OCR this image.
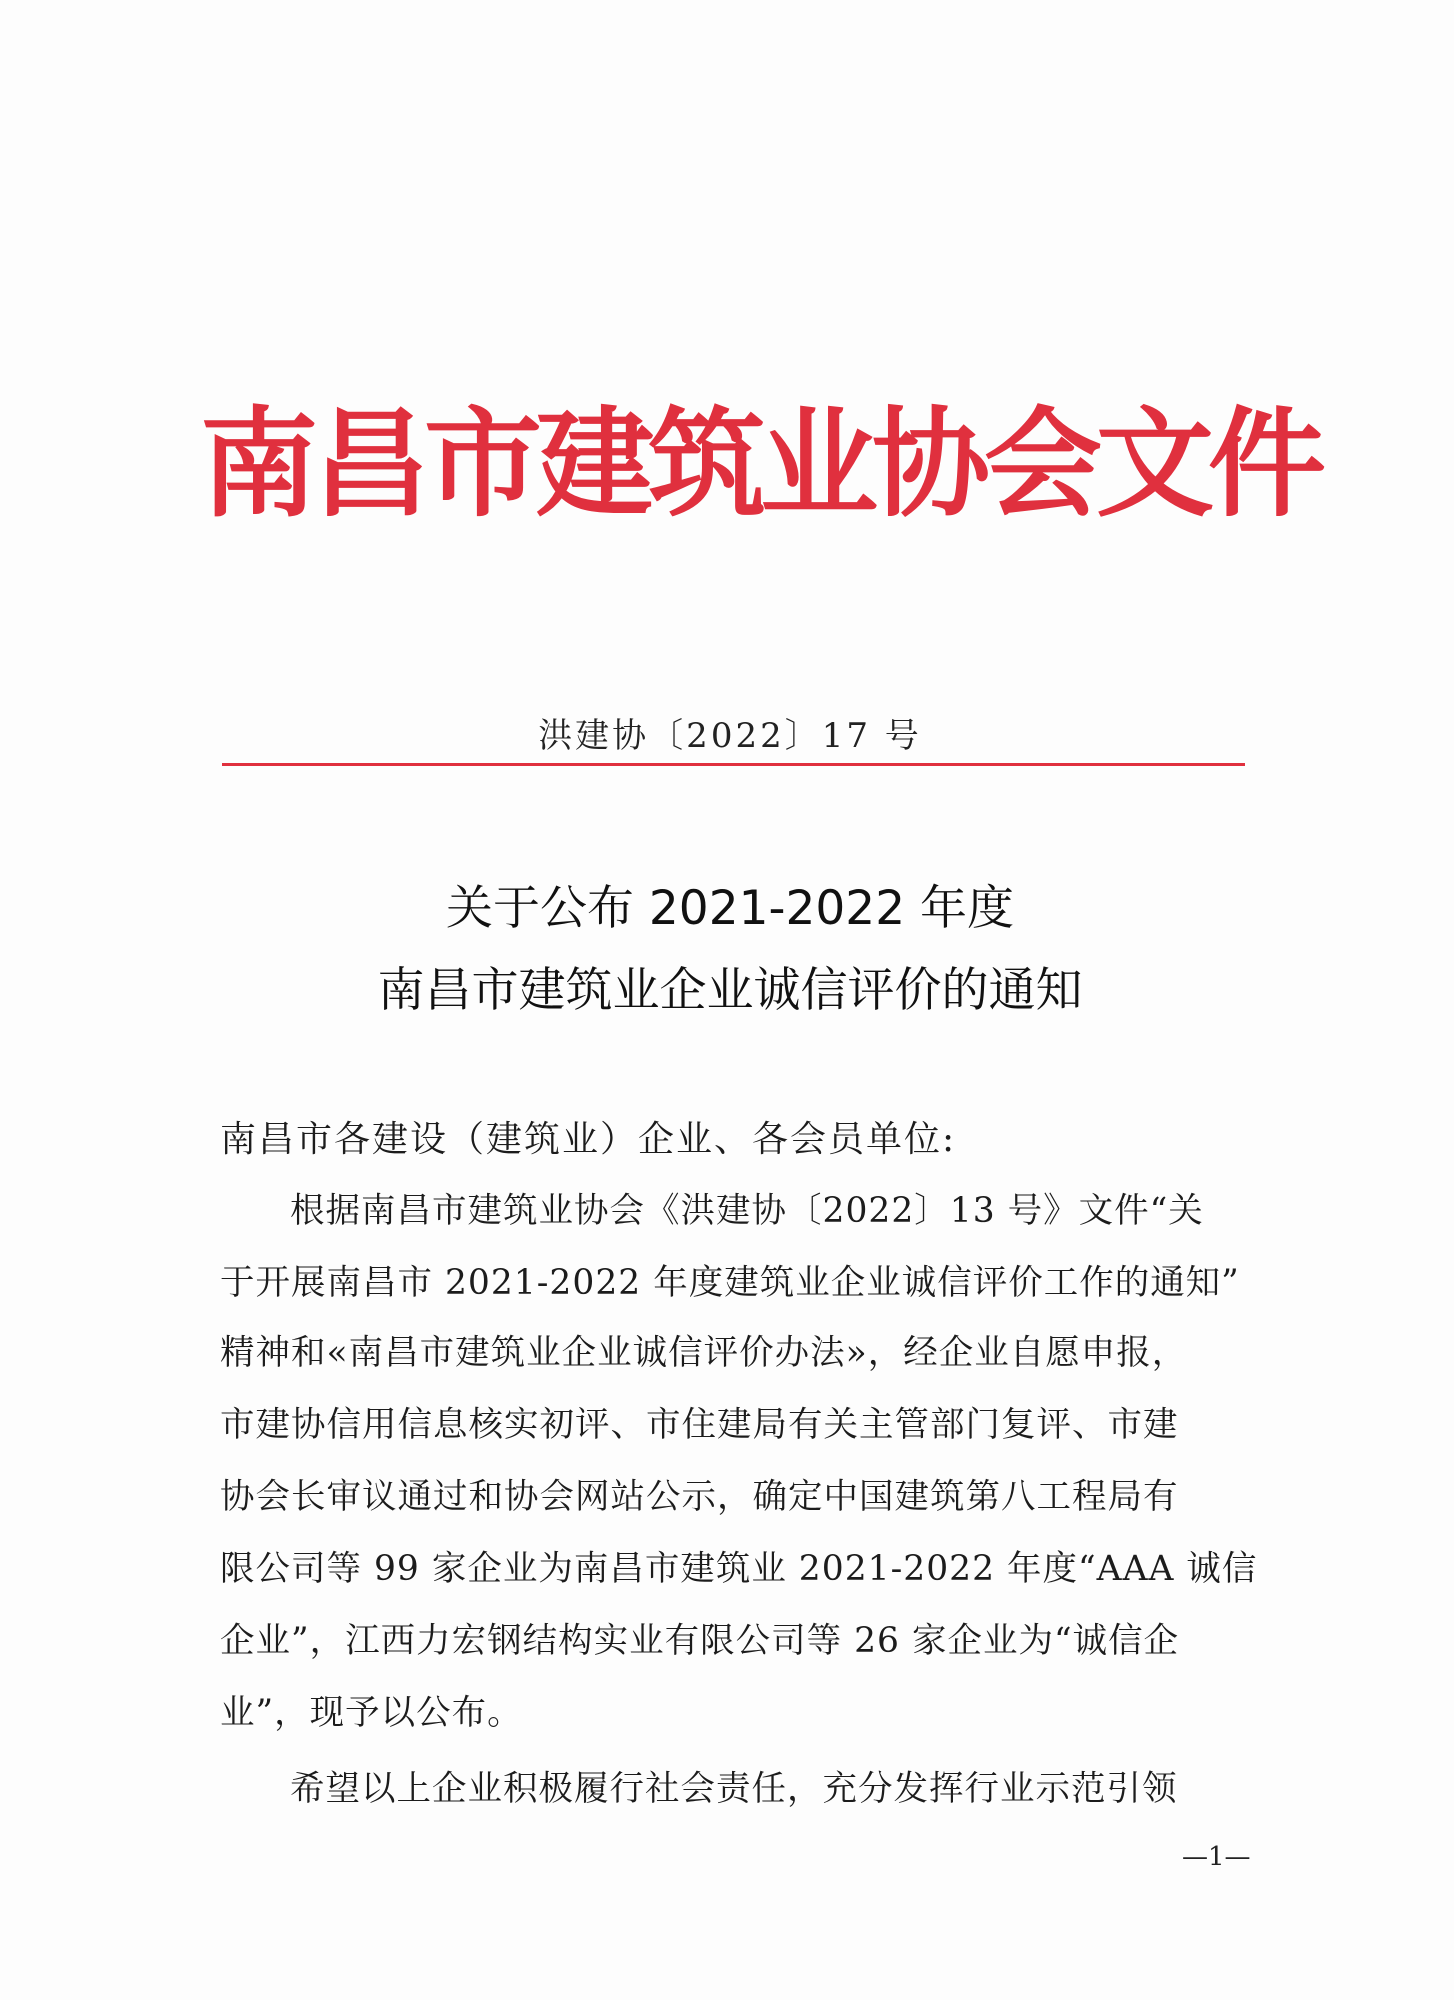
南昌市建筑业协会文件
洪建协〔2022〕17 号
关于公布 2021-2022 年度
南昌市建筑业企业诚信评价的通知
南昌市各建设（建筑业）企业、各会员单位:
根据南昌市建筑业协会《洪建协〔2022〕13 号》文件“关
于开展南昌市 2021-2022 年度建筑业企业诚信评价工作的通知”
精神和«南昌市建筑业企业诚信评价办法»，经企业自愿申报，
市建协信用信息核实初评、市住建局有关主管部门复评、市建
协会长审议通过和协会网站公示，确定中国建筑第八工程局有
限公司等 99 家企业为南昌市建筑业 2021-2022 年度“AAA 诚信
企业”，江西力宏钢结构实业有限公司等 26 家企业为“诚信企
业”，现予以公布。
希望以上企业积极履行社会责任，充分发挥行业示范引领
—1—
